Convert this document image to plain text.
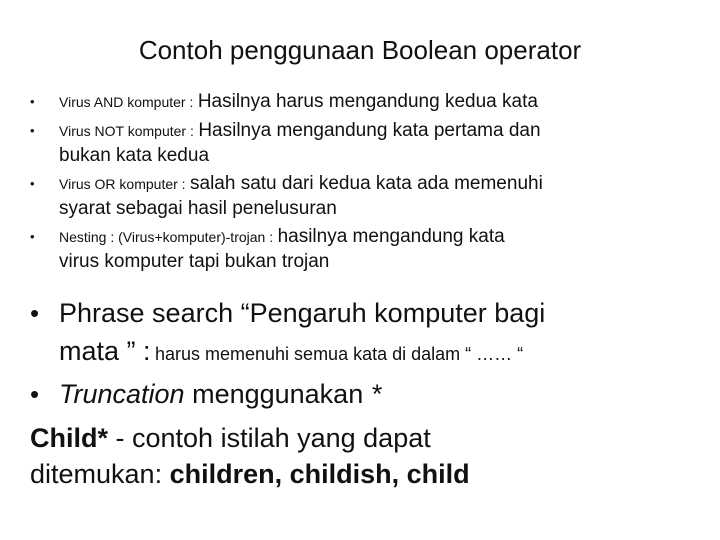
Contoh penggunaan Boolean operator
• Virus AND komputer : Hasilnya harus mengandung kedua kata
• Virus NOT komputer : Hasilnya mengandung kata pertama dan
bukan kata kedua
• Virus OR komputer : salah satu dari kedua kata ada memenuhi
syarat sebagai hasil penelusuran
• Nesting : (Virus+komputer)-trojan : hasilnya mengandung kata
virus komputer tapi bukan trojan
• Phrase search “Pengaruh komputer bagi
mata ” : harus memenuhi semua kata di dalam “ …… “
• Truncation menggunakan *
Child* - contoh istilah yang dapat
ditemukan: children, childish, child
